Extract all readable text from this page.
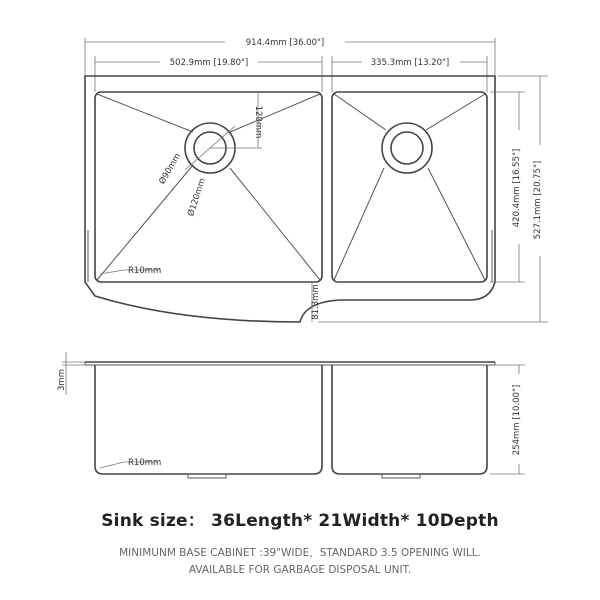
914.4mm [36.00"]
502.9mm [19.80"]	335.3mm [13.20"]
120mm
Ø90mm
Ø120mm
R10mm
81.3mm
420.4mm [16.55"] 527.1mm [20.75"]
3mm
R10mm
254mm [10.00"]
Sink size： 36Length* 21Width* 10Depth
MINIMUNM BASE CABINET :39"WIDE，STANDARD 3.5 OPENING WILL.
AVAILABLE FOR GARBAGE DISPOSAL UNIT.
